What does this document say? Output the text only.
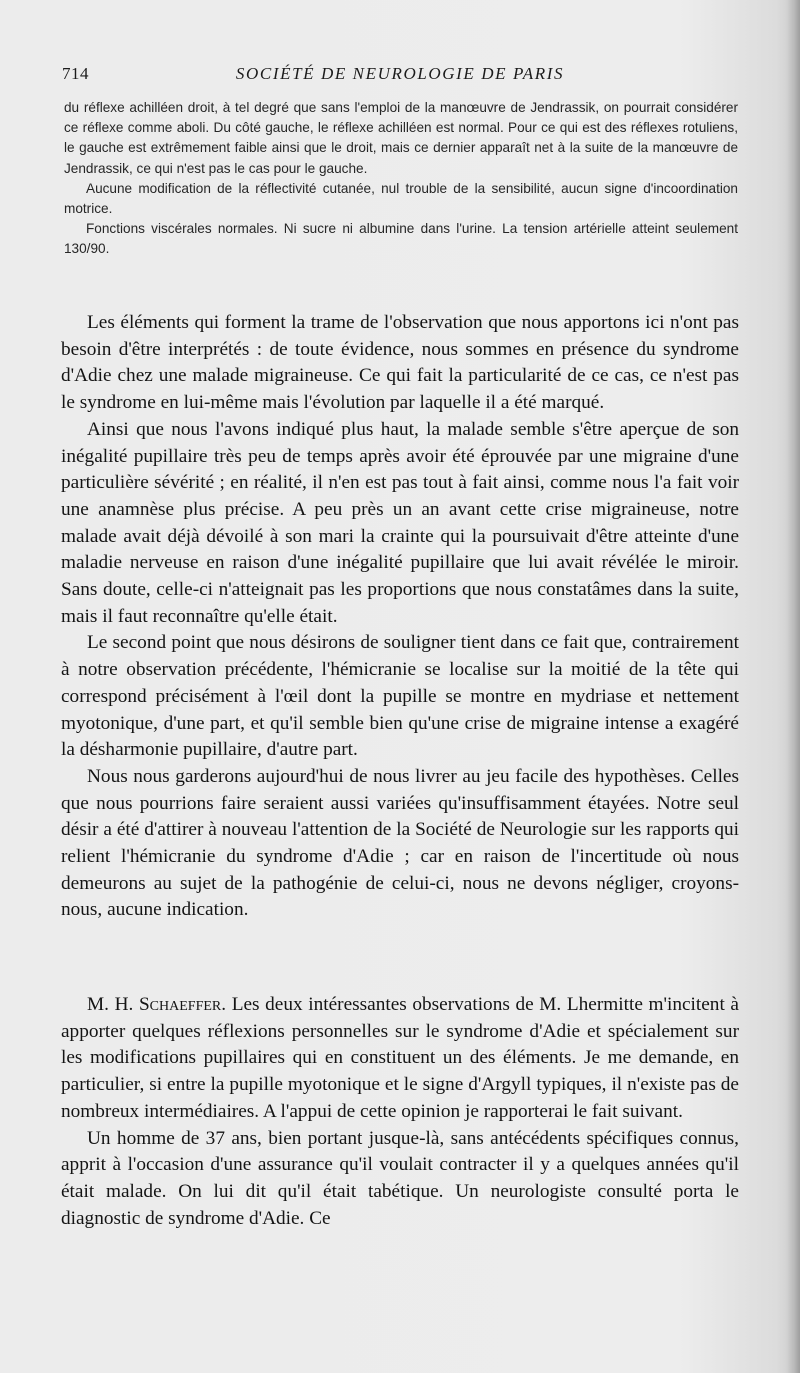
714	SOCIÉTÉ DE NEUROLOGIE DE PARIS

du réflexe achilléen droit, à tel degré que sans l'emploi de la manœuvre de Jendrassik, on pourrait considérer ce réflexe comme aboli. Du côté gauche, le réflexe achilléen est normal. Pour ce qui est des réflexes rotuliens, le gauche est extrêmement faible ainsi que le droit, mais ce dernier apparaît net à la suite de la manœuvre de Jendrassik, ce qui n'est pas le cas pour le gauche.

Aucune modification de la réflectivité cutanée, nul trouble de la sensibilité, aucun signe d'incoordination motrice.

Fonctions viscérales normales. Ni sucre ni albumine dans l'urine. La tension artérielle atteint seulement 130/90.

Les éléments qui forment la trame de l'observation que nous apportons ici n'ont pas besoin d'être interprétés : de toute évidence, nous sommes en présence du syndrome d'Adie chez une malade migraineuse. Ce qui fait la particularité de ce cas, ce n'est pas le syndrome en lui-même mais l'évolution par laquelle il a été marqué.

Ainsi que nous l'avons indiqué plus haut, la malade semble s'être aperçue de son inégalité pupillaire très peu de temps après avoir été éprouvée par une migraine d'une particulière sévérité ; en réalité, il n'en est pas tout à fait ainsi, comme nous l'a fait voir une anamnèse plus précise. A peu près un an avant cette crise migraineuse, notre malade avait déjà dévoilé à son mari la crainte qui la poursuivait d'être atteinte d'une maladie nerveuse en raison d'une inégalité pupillaire que lui avait révélée le miroir. Sans doute, celle-ci n'atteignait pas les proportions que nous constatâmes dans la suite, mais il faut reconnaître qu'elle était.

Le second point que nous désirons de souligner tient dans ce fait que, contrairement à notre observation précédente, l'hémicranie se localise sur la moitié de la tête qui correspond précisément à l'œil dont la pupille se montre en mydriase et nettement myotonique, d'une part, et qu'il semble bien qu'une crise de migraine intense a exagéré la désharmonie pupillaire, d'autre part.

Nous nous garderons aujourd'hui de nous livrer au jeu facile des hypothèses. Celles que nous pourrions faire seraient aussi variées qu'insuffisamment étayées. Notre seul désir a été d'attirer à nouveau l'attention de la Société de Neurologie sur les rapports qui relient l'hémicranie du syndrome d'Adie ; car en raison de l'incertitude où nous demeurons au sujet de la pathogénie de celui-ci, nous ne devons négliger, croyons-nous, aucune indication.

M. H. Schaeffer. Les deux intéressantes observations de M. Lhermitte m'incitent à apporter quelques réflexions personnelles sur le syndrome d'Adie et spécialement sur les modifications pupillaires qui en constituent un des éléments. Je me demande, en particulier, si entre la pupille myotonique et le signe d'Argyll typiques, il n'existe pas de nombreux intermédiaires. A l'appui de cette opinion je rapporterai le fait suivant.

Un homme de 37 ans, bien portant jusque-là, sans antécédents spécifiques connus, apprit à l'occasion d'une assurance qu'il voulait contracter il y a quelques années qu'il était malade. On lui dit qu'il était tabétique. Un neurologiste consulté porta le diagnostic de syndrome d'Adie. Ce
